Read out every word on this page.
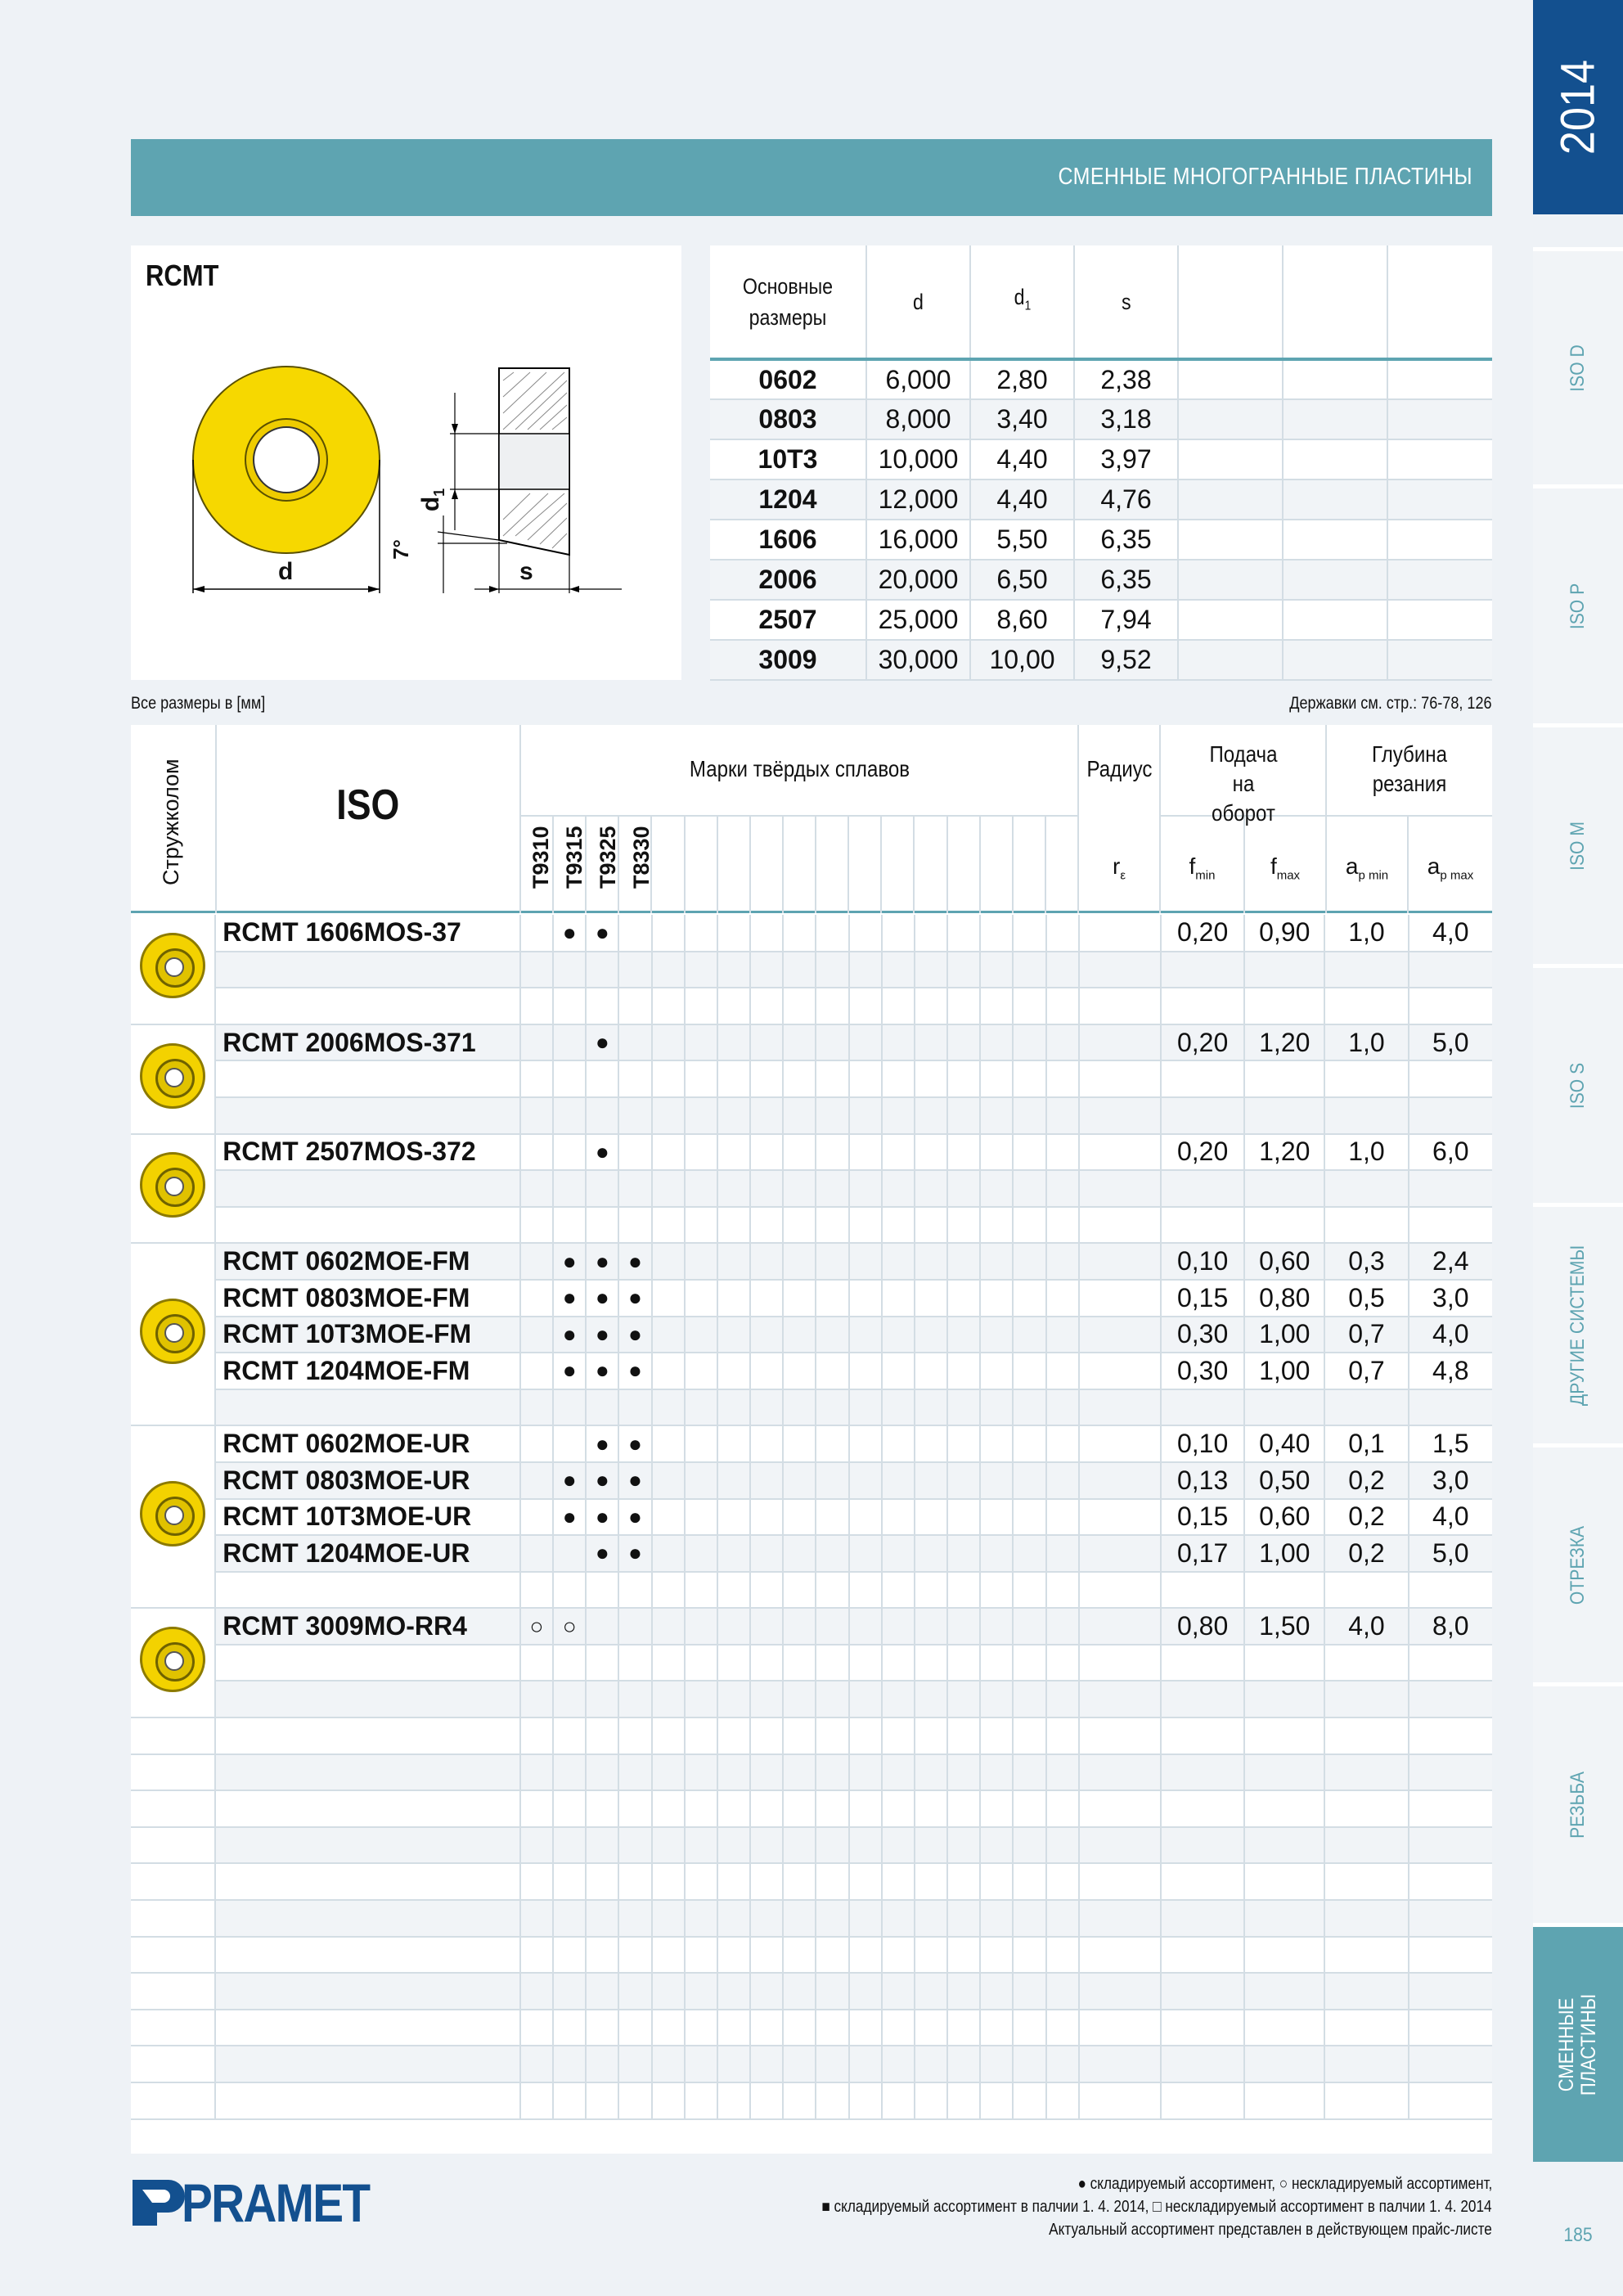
СМЕННЫЕ МНОГОГРАННЫЕ ПЛАСТИНЫ
2014
ISO D
ISO P
ISO M
ISO S
ДРУГИЕ СИСТЕМЫ
ОТРЕЗКА
РЕЗЬБА
СМЕННЫЕ ПЛАСТИНЫ
185
RCMT
d	s
$d_1$
7°
Основные размеры	d	$d_1$	s			
0602	6,000	2,80	2,38			
0803	8,000	3,40	3,18			
10T3	10,000	4,40	3,97			
1204	12,000	4,40	4,76			
1606	16,000	5,50	6,35			
2006	20,000	6,50	6,35			
2507	25,000	8,60	7,94			
3009	30,000	10,00	9,52			
Все размеры в [мм]	Державки см. стр.: 76-78, 126
Стружколом	ISO
Марки твёрдых сплавов
T9310 T9315 T9325 T8330
Радиус
$r_\varepsilon$
Подача на оборот
$f_{min}$	$f_{max}$
Глубина резания
$a_{p min}$	$a_{p max}$
	RCMT 1606MOS-37		●	●																0,20	0,90	1,0	4,0

	RCMT 2006MOS-371			●																0,20	1,20	1,0	5,0

	RCMT 2507MOS-372			●																0,20	1,20	1,0	6,0

	RCMT 0602MOE-FM		●	●	●															0,10	0,60	0,3	2,4
	RCMT 0803MOE-FM		●	●	●															0,15	0,80	0,5	3,0
	RCMT 10T3MOE-FM		●	●	●															0,30	1,00	0,7	4,0
	RCMT 1204MOE-FM		●	●	●															0,30	1,00	0,7	4,8

	RCMT 0602MOE-UR			●	●															0,10	0,40	0,1	1,5
	RCMT 0803MOE-UR		●	●	●															0,13	0,50	0,2	3,0
	RCMT 10T3MOE-UR		●	●	●															0,15	0,60	0,2	4,0
	RCMT 1204MOE-UR			●	●															0,17	1,00	0,2	5,0

	RCMT 3009MO-RR4	○	○																	0,80	1,50	4,0	8,0

PRAMET	● складируемый ассортимент, ○ несклaдируемый ассортимент,
■ складируемый ассортимент в палчии 1. 4. 2014, □ нескладируемый ассортимент в палчии 1. 4. 2014
Актуальный ассортимент представлен в действующем прайс-листе
